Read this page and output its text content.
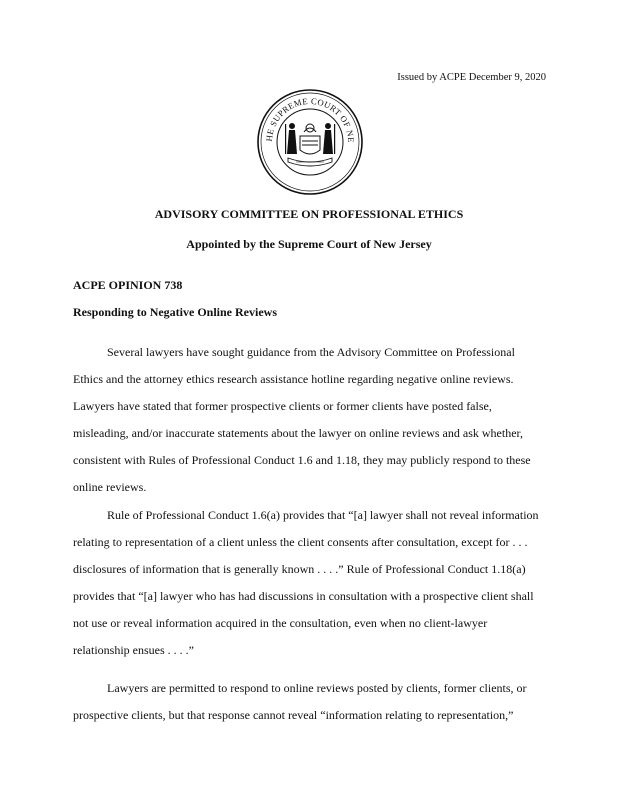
Issued by ACPE December 9, 2020
HE SUPREME COURT OF NE
ADVISORY COMMITTEE ON PROFESSIONAL ETHICS
Appointed by the Supreme Court of New Jersey
ACPE OPINION 738
Responding to Negative Online Reviews
Several lawyers have sought guidance from the Advisory Committee on Professional
Ethics and the attorney ethics research assistance hotline regarding negative online reviews.
Lawyers have stated that former prospective clients or former clients have posted false,
misleading, and/or inaccurate statements about the lawyer on online reviews and ask whether,
consistent with Rules of Professional Conduct 1.6 and 1.18, they may publicly respond to these
online reviews.
Rule of Professional Conduct 1.6(a) provides that “[a] lawyer shall not reveal information
relating to representation of a client unless the client consents after consultation, except for . . .
disclosures of information that is generally known . . . .” Rule of Professional Conduct 1.18(a)
provides that “[a] lawyer who has had discussions in consultation with a prospective client shall
not use or reveal information acquired in the consultation, even when no client-lawyer
relationship ensues . . . .”
Lawyers are permitted to respond to online reviews posted by clients, former clients, or
prospective clients, but that response cannot reveal “information relating to representation,”
